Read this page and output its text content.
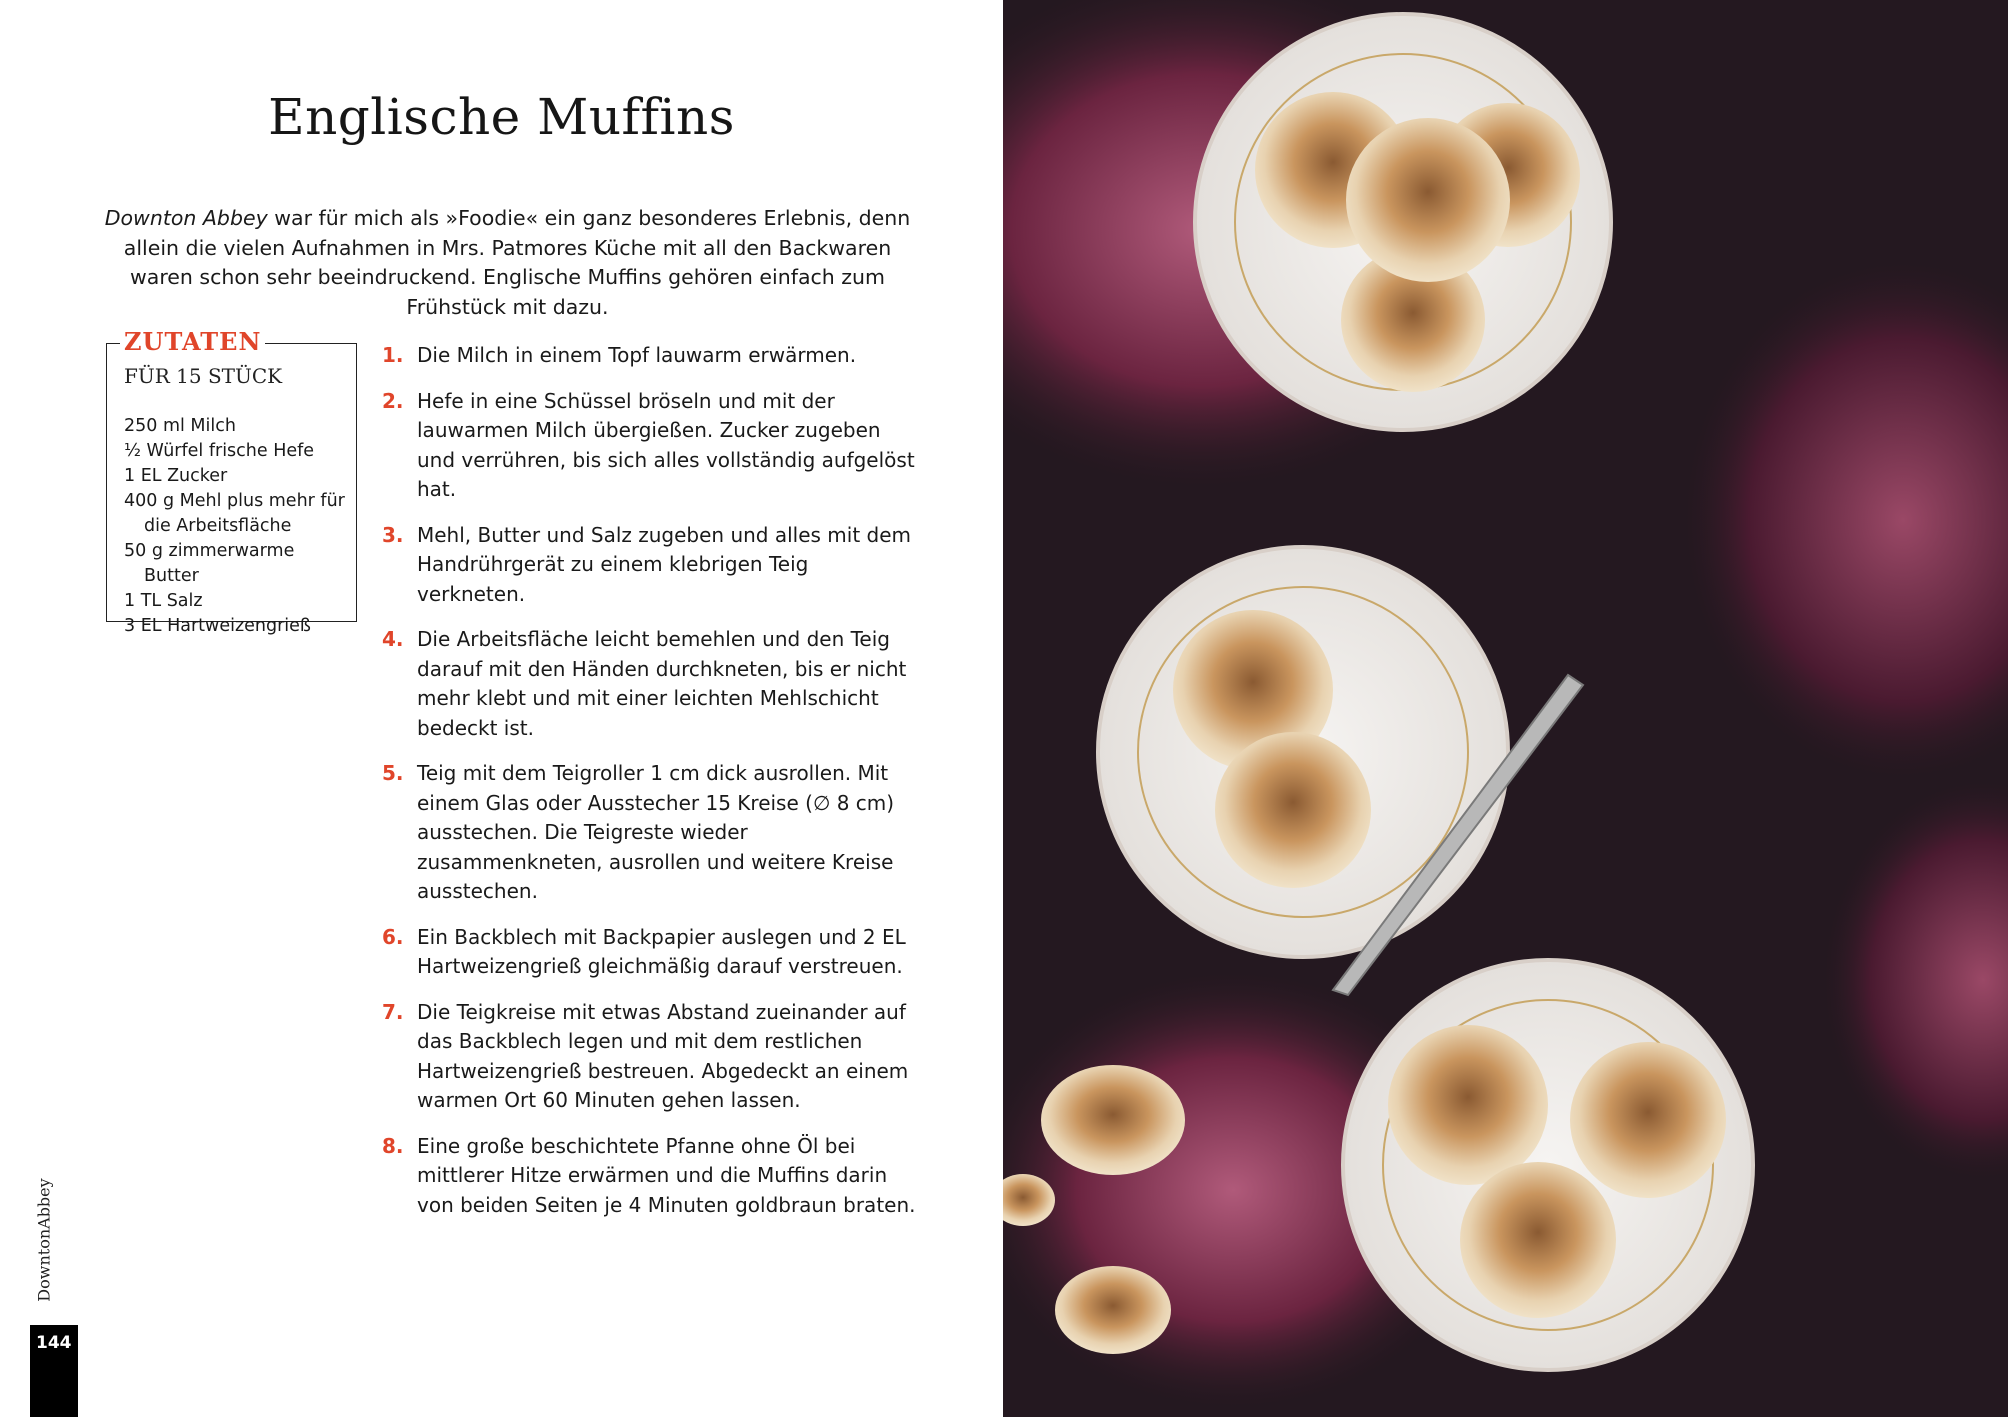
Englische Muffins
Downton Abbey war für mich als »Foodie« ein ganz besonderes Erlebnis, denn allein die vielen Aufnahmen in Mrs. Patmores Küche mit all den Backwaren waren schon sehr beeindruckend. Englische Muffins gehören einfach zum Frühstück mit dazu.
ZUTATEN
FÜR 15 STÜCK
250 ml Milch
½ Würfel frische Hefe
1 EL Zucker
400 g Mehl plus mehr für die Arbeitsfläche
50 g zimmerwarme Butter
1 TL Salz
3 EL Hartweizengrieß
1. Die Milch in einem Topf lauwarm erwärmen.
2. Hefe in eine Schüssel bröseln und mit der lauwarmen Milch übergießen. Zucker zugeben und verrühren, bis sich alles vollständig aufgelöst hat.
3. Mehl, Butter und Salz zugeben und alles mit dem Handrührgerät zu einem klebrigen Teig verkneten.
4. Die Arbeitsfläche leicht bemehlen und den Teig darauf mit den Händen durchkneten, bis er nicht mehr klebt und mit einer leichten Mehlschicht bedeckt ist.
5. Teig mit dem Teigroller 1 cm dick ausrollen. Mit einem Glas oder Ausstecher 15 Kreise (∅ 8 cm) ausstechen. Die Teigreste wieder zusammenkneten, ausrollen und weitere Kreise ausstechen.
6. Ein Backblech mit Backpapier auslegen und 2 EL Hartweizengrieß gleichmäßig darauf verstreuen.
7. Die Teigkreise mit etwas Abstand zueinander auf das Backblech legen und mit dem restlichen Hartweizengrieß bestreuen. Abgedeckt an einem warmen Ort 60 Minuten gehen lassen.
8. Eine große beschichtete Pfanne ohne Öl bei mittlerer Hitze erwärmen und die Muffins darin von beiden Seiten je 4 Minuten goldbraun braten.
DowntonAbbey
144
